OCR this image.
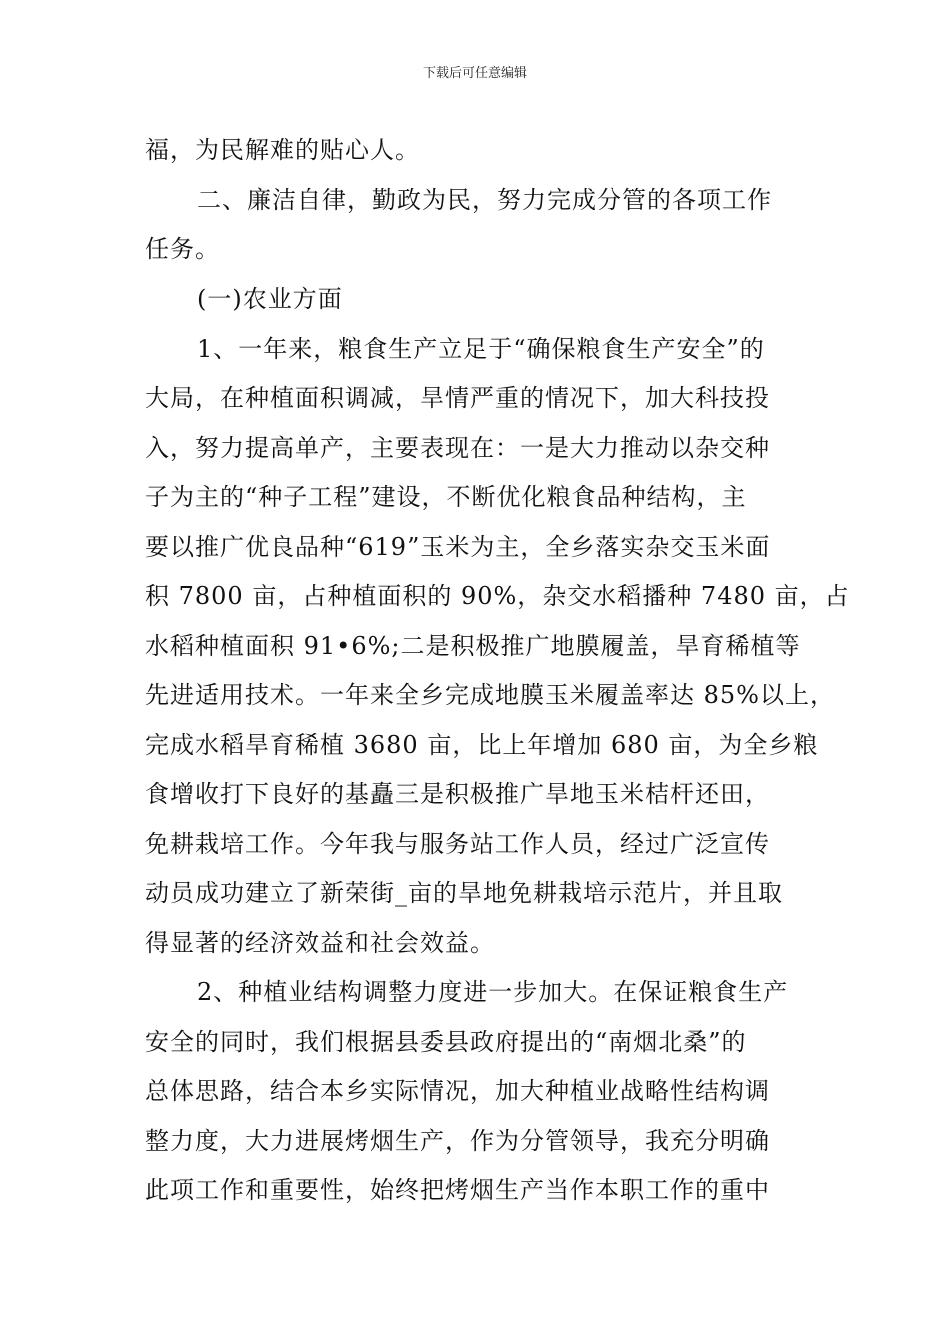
下载后可任意编辑
福，为民解难的贴心人。
二、廉洁自律，勤政为民，努力完成分管的各项工作
任务。
(一)农业方面
1、一年来，粮食生产立足于“确保粮食生产安全”的
大局，在种植面积调减，旱情严重的情况下，加大科技投
入，努力提高单产，主要表现在：一是大力推动以杂交种
子为主的“种子工程”建设，不断优化粮食品种结构，主
要以推广优良品种“619”玉米为主，全乡落实杂交玉米面
积 7800 亩，占种植面积的 90%，杂交水稻播种 7480 亩，占
水稻种植面积 91•6%;二是积极推广地膜履盖，旱育稀植等
先进适用技术。一年来全乡完成地膜玉米履盖率达 85%以上，
完成水稻旱育稀植 3680 亩，比上年增加 680 亩，为全乡粮
食增收打下良好的基矗三是积极推广旱地玉米桔杆还田，
免耕栽培工作。今年我与服务站工作人员，经过广泛宣传
动员成功建立了新荣街_亩的旱地免耕栽培示范片，并且取
得显著的经济效益和社会效益。
2、种植业结构调整力度进一步加大。在保证粮食生产
安全的同时，我们根据县委县政府提出的“南烟北桑”的
总体思路，结合本乡实际情况，加大种植业战略性结构调
整力度，大力进展烤烟生产，作为分管领导，我充分明确
此项工作和重要性，始终把烤烟生产当作本职工作的重中
